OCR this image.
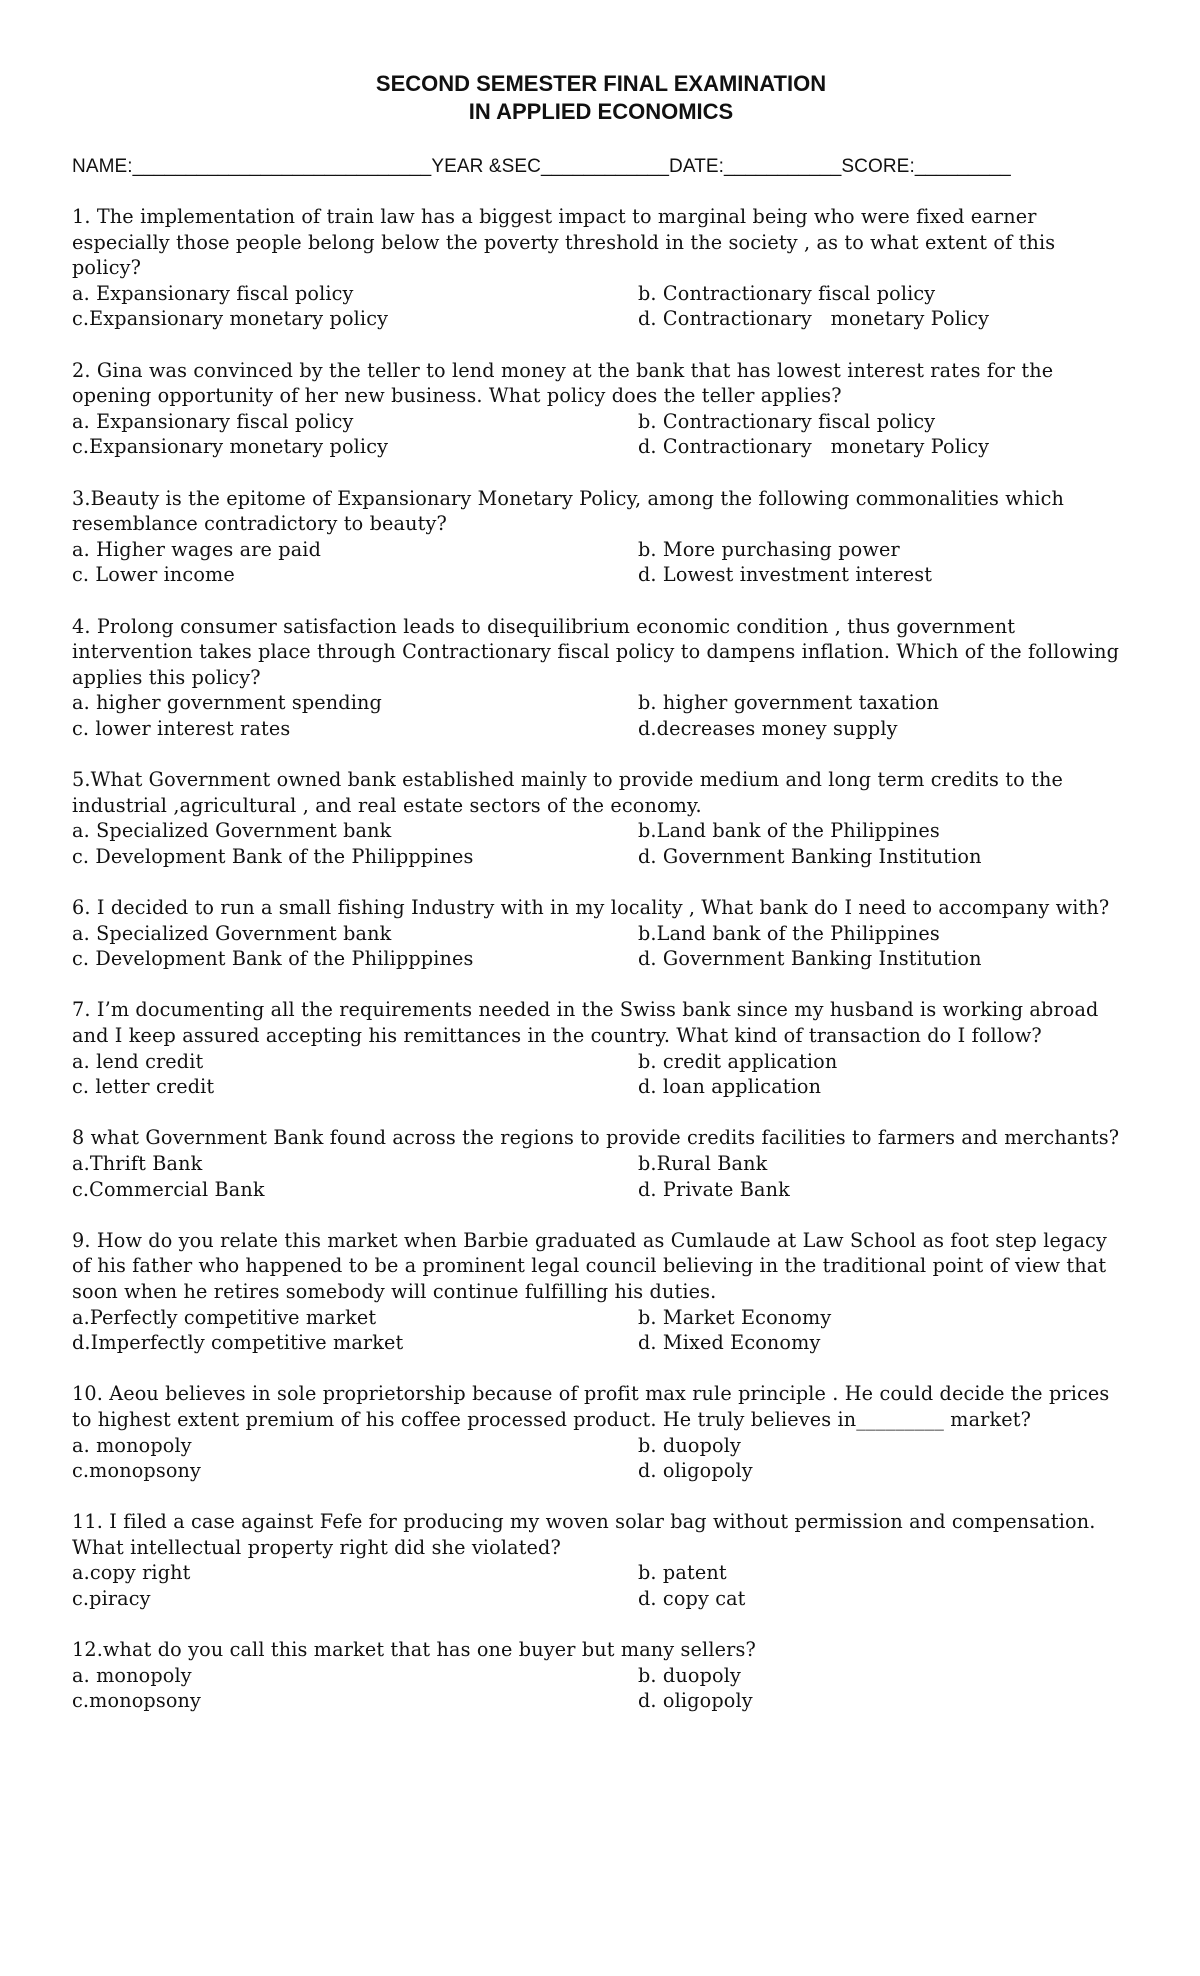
SECOND SEMESTER FINAL EXAMINATION
IN APPLIED ECONOMICS
NAME:____________________________YEAR &SEC____________DATE:___________SCORE:_________

1. The implementation of train law has a biggest impact to marginal being who were fixed earner especially those people belong below the poverty threshold in the society , as to what extent of this policy?

a. Expansionary fiscal policy	b. Contractionary fiscal policy
c.Expansionary monetary policy	d. Contractionary   monetary Policy

2. Gina was convinced by the teller to lend money at the bank that has lowest interest rates for the opening opportunity of her new business. What policy does the teller applies?

a. Expansionary fiscal policy	b. Contractionary fiscal policy
c.Expansionary monetary policy	d. Contractionary   monetary Policy

3.Beauty is the epitome of Expansionary Monetary Policy, among the following commonalities which resemblance contradictory to beauty?

a. Higher wages are paid	b. More purchasing power
c. Lower income	d. Lowest investment interest

4. Prolong consumer satisfaction leads to disequilibrium economic condition , thus government intervention takes place through Contractionary fiscal policy to dampens inflation. Which of the following applies this policy?

a. higher government spending	b. higher government taxation
c. lower interest rates	d.decreases money supply

5.What Government owned bank established mainly to provide medium and long term credits to the industrial ,agricultural , and real estate sectors of the economy.

a. Specialized Government bank	b.Land bank of the Philippines
c. Development Bank of the Philipppines	d. Government Banking Institution

6. I decided to run a small fishing Industry with in my locality , What bank do I need to accompany with?

a. Specialized Government bank	b.Land bank of the Philippines
c. Development Bank of the Philipppines	d. Government Banking Institution

7. I’m documenting all the requirements needed in the Swiss bank since my husband is working abroad and I keep assured accepting his remittances in the country. What kind of transaction do I follow?

a. lend credit	b. credit application
c. letter credit	d. loan application

8 what Government Bank found across the regions to provide credits facilities to farmers and merchants?

a.Thrift Bank	b.Rural Bank
c.Commercial Bank	d. Private Bank

9. How do you relate this market when Barbie graduated as Cumlaude at Law School as foot step legacy of his father who happened to be a prominent legal council believing in the traditional point of view that soon when he retires somebody will continue fulfilling his duties.

a.Perfectly competitive market	b. Market Economy
d.Imperfectly competitive market	d. Mixed Economy

10. Aeou believes in sole proprietorship because of profit max rule principle . He could decide the prices to highest extent premium of his coffee processed product. He truly believes in_________ market?

a. monopoly	b. duopoly
c.monopsony	d. oligopoly

11. I filed a case against Fefe for producing my woven solar bag without permission and compensation. What intellectual property right did she violated?

a.copy right	b. patent
c.piracy	d. copy cat

12.what do you call this market that has one buyer but many sellers?

a. monopoly	b. duopoly
c.monopsony	d. oligopoly
